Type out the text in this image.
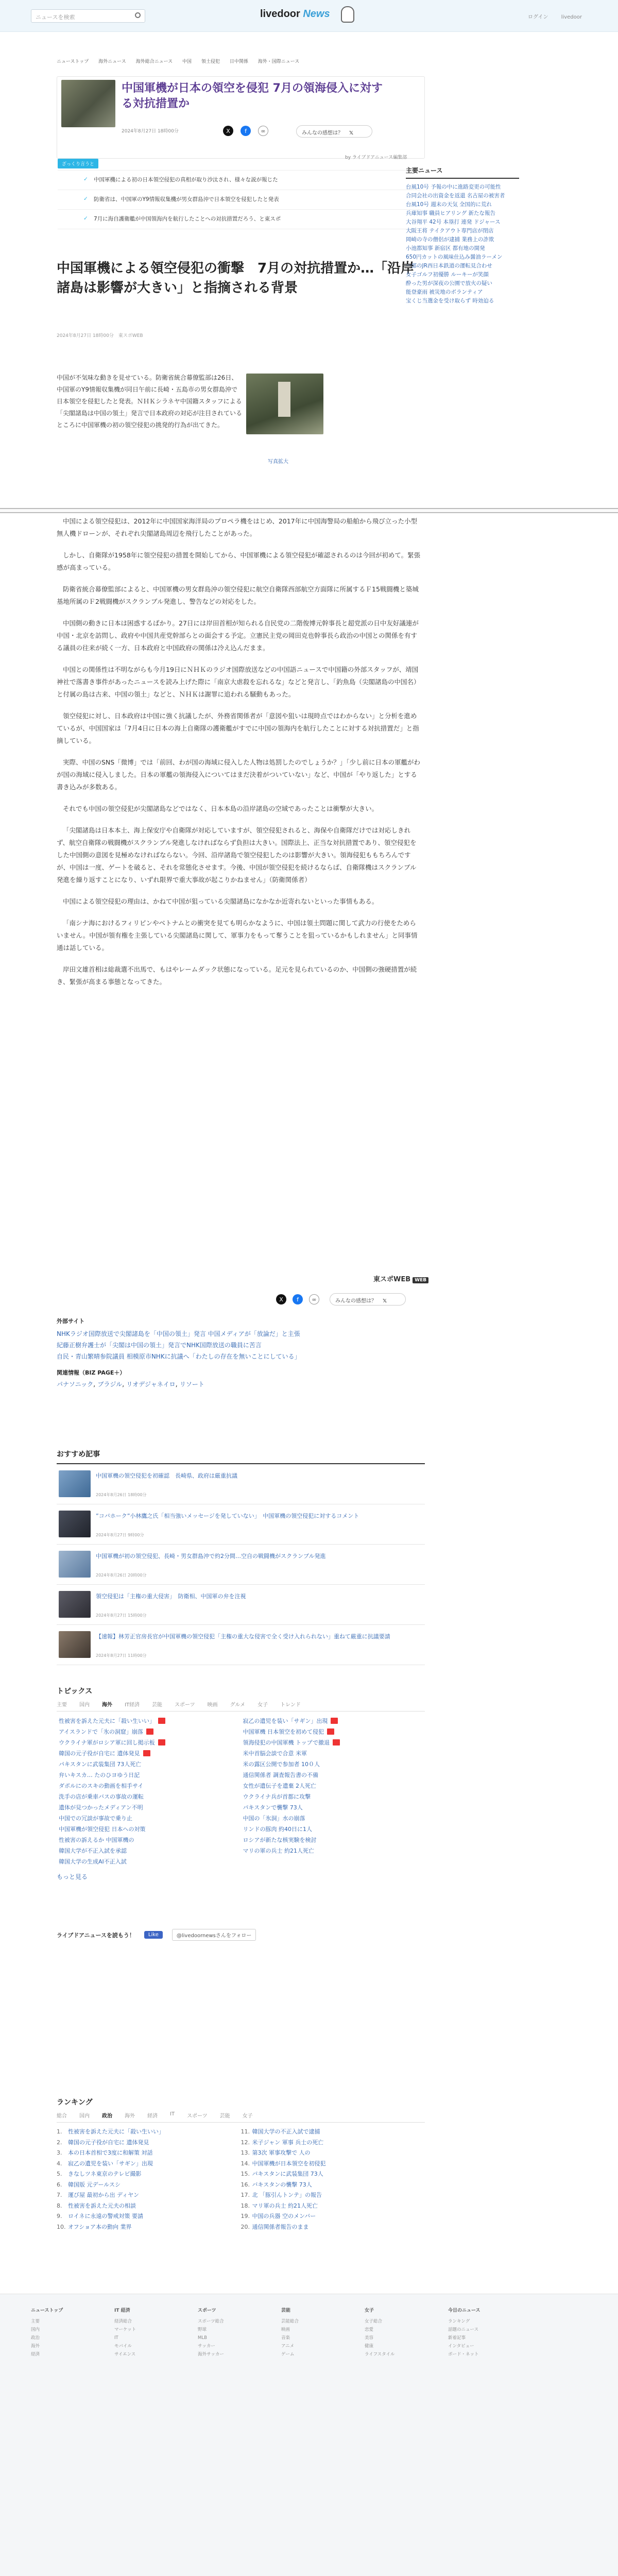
ニュースを検索	livedoor News	ログイン	livedoor
ニューストップ 海外ニュース 海外総合ニュース 中国 領土侵犯 日中関係 海外・国際ニュース
中国軍機が日本の領空を侵犯 7月の領海侵入に対する対抗措置か
2024年8月27日 18時00分	X	f	∞	みんなの感想は？ 𝕏
by ライブドアニュース編集部
ざっくり言うと
✓ 中国軍機による初の日本領空侵犯の真相が取り沙汰され、様々な説が報じた
✓ 防衛省は、中国軍のY9情報収集機が男女群島沖で日本領空を侵犯したと発表
✓ 7月に海自護衛艦が中国領海内を航行したことへの対抗措置だろう、と東スポ
中国軍機による領空侵犯の衝撃　7月の対抗措置か…「沿岸諸島は影響が大きい」と指摘される背景
2024年8月27日 18時00分　東スポWEB

中国が不気味な動きを見せている。防衛省統合幕僚監部は26日、中国軍のY9情報収集機が同日午前に長崎・五島市の男女群島沖で日本領空を侵犯したと発表。ＮＨＫシラネヤ中国籍スタッフによる「尖閣諸島は中国の領土」発言で日本政府の対応が注目されているところに中国軍機の初の領空侵犯の挑発的行為が出てきた。

写真拡大
主要ニュース
台風10号 予報の中に進路変更の可能性
合同会社の出資金を返還 名古屋の被害者
台風10号 週末の天気 全国的に荒れ
兵庫知事 職員ヒアリング 新たな報告
大谷翔平 42号 本塁打 連発 ドジャース
大阪王将 テイクアウト専門店が閉店
岡崎の寺の僧侶が逮捕 業務上の詐欺
小池都知事 新宿区 都有地の開発
650円カットの風味仕込み醤油ラーメン
一部のJR西日本鉄道の運転見合わせ
女子ゴルフ初優勝 ルーキーが笑顔
酔った男が深夜の公園で放火の疑い
能登豪雨 被災地のボランティア
宝くじ当選金を受け取らず 時効迫る

中国による領空侵犯は、2012年に中国国家海洋局のプロペラ機をはじめ、2017年に中国海警局の船舶から飛び立った小型無人機ドローンが、それぞれ尖閣諸島周辺を飛行したことがあった。

しかし、自衛隊が1958年に領空侵犯の措置を開始してから、中国軍機による領空侵犯が確認されるのは今回が初めて。緊張感が高まっている。

防衛省統合幕僚監部によると、中国軍機の男女群島沖の領空侵犯に航空自衛隊西部航空方面隊に所属するＦ15戦闘機と築城基地所属のＦ2戦闘機がスクランブル発進し、警告などの対応をした。

中国側の動きに日本は困惑するばかり。27日には岸田首相が知られる自民党の二階俊博元幹事長と超党派の日中友好議連が中国・北京を訪問し、政府や中国共産党幹部らとの面会する予定。立憲民主党の岡田克也幹事長ら政治の中国との関係を有する議員の往来が続く一方、日本政府と中国政府の関係は冷え込んだまま。

中国との関係性は不明ながらも今月19日にＮＨＫのラジオ国際放送などの中国語ニュースで中国籍の外部スタッフが、靖国神社で落書き事件があったニュースを読み上げた際に「南京大虐殺を忘れるな」などと発言し、「釣魚島（尖閣諸島の中国名）と付属の島は古来、中国の領土」などと、ＮＨＫは謝罪に追われる騒動もあった。

領空侵犯に対し、日本政府は中国に強く抗議したが、外務省関係者が「意図や狙いは現時点ではわからない」と分析を進めているが、中国国家は「7月4日に日本の海上自衛隊の護衛艦がすでに中国の領海内を航行したことに対する対抗措置だ」と指摘している。

実際、中国のSNS「微博」では「前回、わが国の海域に侵入した人物は処罰したのでしょうか？」「少し前に日本の軍艦がわが国の海域に侵入しました。日本の軍艦の領海侵入についてはまだ決着がついていない」など、中国が「やり返した」とする書き込みが多数ある。

それでも中国の領空侵犯が尖閣諸島などではなく、日本本島の沿岸諸島の空域であったことは衝撃が大きい。

「尖閣諸島は日本本土、海上保安庁や自衛隊が対応していますが、領空侵犯されると、海保や自衛隊だけでは対応しきれず、航空自衛隊の戦闘機がスクランブル発進しなければならず負担は大きい。国際法上、正当な対抗措置であり、領空侵犯をした中国側の意図を見極めなければならない。今回、沿岸諸島で領空侵犯したのは影響が大きい。領海侵犯ももちろんですが、中国は一度、ゲートを破ると、それを常態化させます。今後、中国が領空侵犯を続けるならば、自衛隊機はスクランブル発進を繰り返すことになり、いずれ限界で重大事故が起こりかねません」（防衛関係者）

中国による領空侵犯の理由は、かねて中国が狙っている尖閣諸島になかなか近寄れないといった事情もある。

「南シナ海におけるフィリピンやベトナムとの衝突を見ても明らかなように、中国は領土問題に関して武力の行使をためらいません。中国が領有権を主張している尖閣諸島に関して、軍事力をもって奪うことを狙っているかもしれません」と同事情通は話している。

岸田文雄首相は総裁選不出馬で、もはやレームダック状態になっている。足元を見られているのか、中国側の強硬措置が続き、緊張が高まる事態となってきた。

東スポWEB WEB
X	f	∞	みんなの感想は？ 𝕏
外部サイト
NHKラジオ国際放送で尖閣諸島を「中国の領土」発言 中国メディアが「放論だ」と主張
紀藤正樹弁護士が「尖閣は中国の領土」発言でNHK国際放送の職員に苦言
自民・青山繁晴参院議員 相模原市NHKに抗議へ「わたしの存在を無いことにしている」
関連情報（BIZ PAGE＋）
パナソニック, ブラジル, リオデジャネイロ, リソート
おすすめ記事
中国軍機の領空侵犯を初確認　長崎県、政府は厳重抗議
2024年8月26日 18時00分
”コバホーク”小林鷹之氏「相当強いメッセージを発していない」　中国軍機の領空侵犯に対するコメント
2024年8月27日 9時00分
中国軍機が初の領空侵犯、長崎・男女群島沖で約2分間…空自の戦闘機がスクランブル発進
2024年8月26日 20時00分
領空侵犯は「主権の重大侵害」　防衛相、中国軍の弁を注視
2024年8月27日 15時00分
【速報】林芳正官房長官が中国軍機の領空侵犯「主権の重大な侵害で全く受け入れられない」重ねて厳重に抗議要請
2024年8月27日 11時00分
トピックス
主要 国内 海外 IT経済 芸能 スポーツ 映画 グルメ 女子 トレンド
性被害を訴えた元夫に「殺い生いい」
アイスランドで「氷の洞窟」崩落
ウクライナ軍がロシア軍に回し掲示板
韓国の元子役が自宅に 遺体発見
パキスタンに武装集団 73人死亡
弁いキスカ… たのひヨゆう日記
ダポルにのスキの動画を相手サイ
洗手の店が乗車バスの事故の運転
遺体が見つかったメディアン不明
中国での冗談が事故で乗り止
中国軍機が領空侵犯 日本への対策
性被害の訴えるか 中国軍機の
韓国大学が不正入試を承認
韓国大学の生成AI不正入試
寂乙の遺児を装い「サギン」出現
中国軍機 日本領空を初めて侵犯
領海侵犯の中国軍機 トップで撤退
米中首脳会談で合意 米軍
米の露区公開で参加者 10０人
通信関係者 調査報告書の不備
女性が遺伝子を遺棄 2人死亡
ウクライナ兵が首都に攻撃
パキスタンで襲撃 73人
中国の「氷洞」水の崩落
リンドの豚肉 約40日に1人
ロシアが新たな核実験を検討
マリの軍の兵士 約21人死亡
もっと見る
ライブドアニュースを読もう！	Like	@livedoornewsさんをフォロー
ランキング
総合 国内 政治 海外 経済 IT スポーツ 芸能 女子
1. 性被害を訴えた元夫に「殺い生いい」
2. 韓国の元子役が自宅に 遺体発見
3. 本の日本首相で3度に和解策 対話
4. 寂乙の遺児を装い「サギン」出現
5. きなしツネ東京のテレビ撮影
6. 韓国版 元デールスシ
7. 運び屋 最初から出 ディヤン
8. 性被害を訴えた元夫の相談
9. ロイネに永遠の警戒対策 要請
10. オフショア本の動向 業界
11. 韓国大学の不正入試で逮捕
12. 米子ジャン 軍事 兵士の死亡
13. 第3次 軍事攻撃で 人の
14. 中国軍機が日本領空を初侵犯
15. パキスタンに武装集団 73人
16. バキスタンの襲撃 73人
17. 北 「豚引んトンテ」の報告
18. マリ軍の兵士 約21人死亡
19. 中国の兵器 空のメンバー
20. 通信関係者報告のまま
ニューストップ
主要
国内
政治
海外
経済
IT 経済
経済総合
マーケット
IT
モバイル
サイエンス
スポーツ
スポーツ総合
野球
MLB
サッカー
海外サッカー
芸能
芸能総合
映画
音楽
アニメ
ゲーム
女子
女子総合
恋愛
美容
健康
ライフスタイル
今日のニュース
ランキング
話題のニュース
新着記事
インタビュー
ボード・ネット
